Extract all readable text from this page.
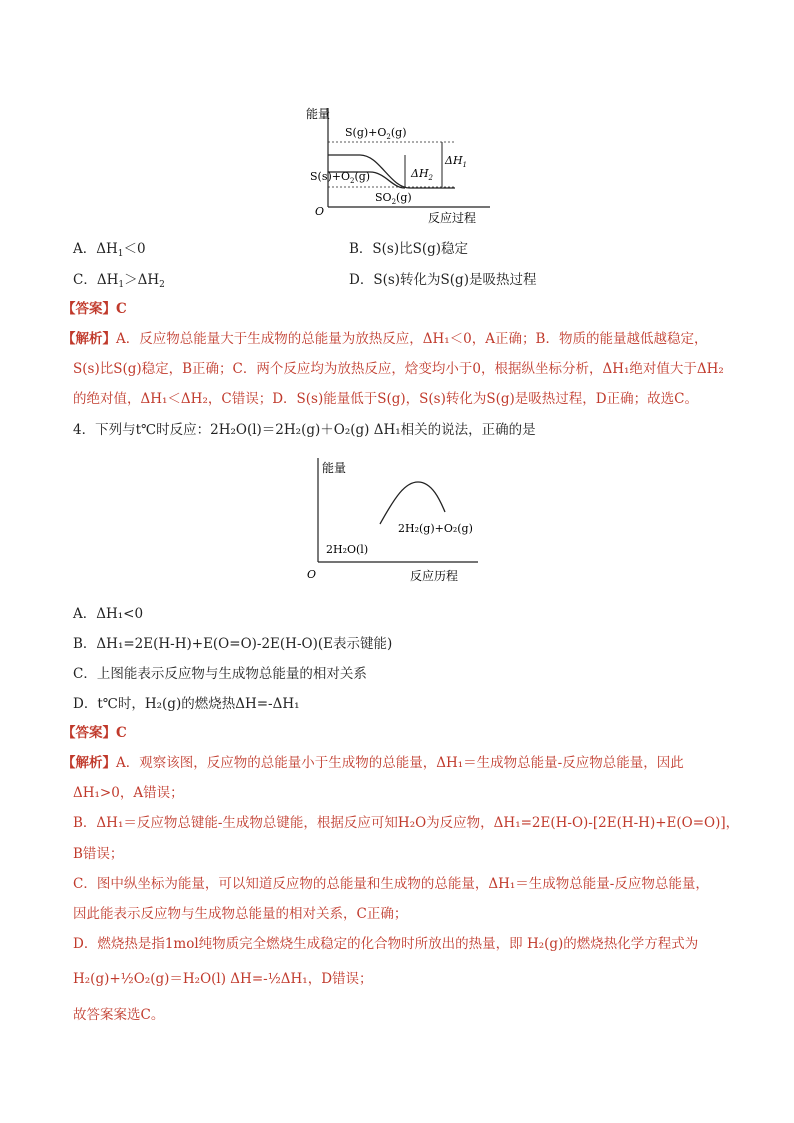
能量
$S(g)+O_2(g)$
$S(s)+O_2(g)$
$SO_2(g)$
$\Delta H_1$
$\Delta H_2$
O	反应过程
A．$\Delta H_1<0$	B．S(s)比S(g)稳定
C．$\Delta H_1>\Delta H_2$	D．S(s)转化为S(g)是吸热过程
【答案】C
【解析】A．反应物总能量大于生成物的总能量为放热反应，ΔH₁＜0，A正确；B．物质的能量越低越稳定，
S(s)比S(g)稳定，B正确；C．两个反应均为放热反应，焓变均小于0，根据纵坐标分析，ΔH₁绝对值大于ΔH₂
的绝对值，ΔH₁＜ΔH₂，C错误；D．S(s)能量低于S(g)，S(s)转化为S(g)是吸热过程，D正确；故选C。
4．下列与t℃时反应：2H₂O(l)＝2H₂(g)＋O₂(g) ΔH₁相关的说法，正确的是
能量
2H₂(g)+O₂(g)
2H₂O(l)
O	反应历程
A．ΔH₁<0
B．ΔH₁=2E(H-H)+E(O=O)-2E(H-O)(E表示键能)
C．上图能表示反应物与生成物总能量的相对关系
D．t℃时，H₂(g)的燃烧热ΔH=-ΔH₁
【答案】C
【解析】A．观察该图，反应物的总能量小于生成物的总能量，ΔH₁＝生成物总能量-反应物总能量，因此
ΔH₁>0，A错误；
B．ΔH₁＝反应物总键能-生成物总键能，根据反应可知H₂O为反应物，ΔH₁=2E(H-O)-[2E(H-H)+E(O=O)]，
B错误；
C．图中纵坐标为能量，可以知道反应物的总能量和生成物的总能量，ΔH₁＝生成物总能量-反应物总能量，
因此能表示反应物与生成物总能量的相对关系，C正确；
D．燃烧热是指1mol纯物质完全燃烧生成稳定的化合物时所放出的热量，即 H₂(g)的燃烧热化学方程式为
H₂(g)+½O₂(g)＝H₂O(l) ΔH=-½ΔH₁，D错误；
故答案案选C。
